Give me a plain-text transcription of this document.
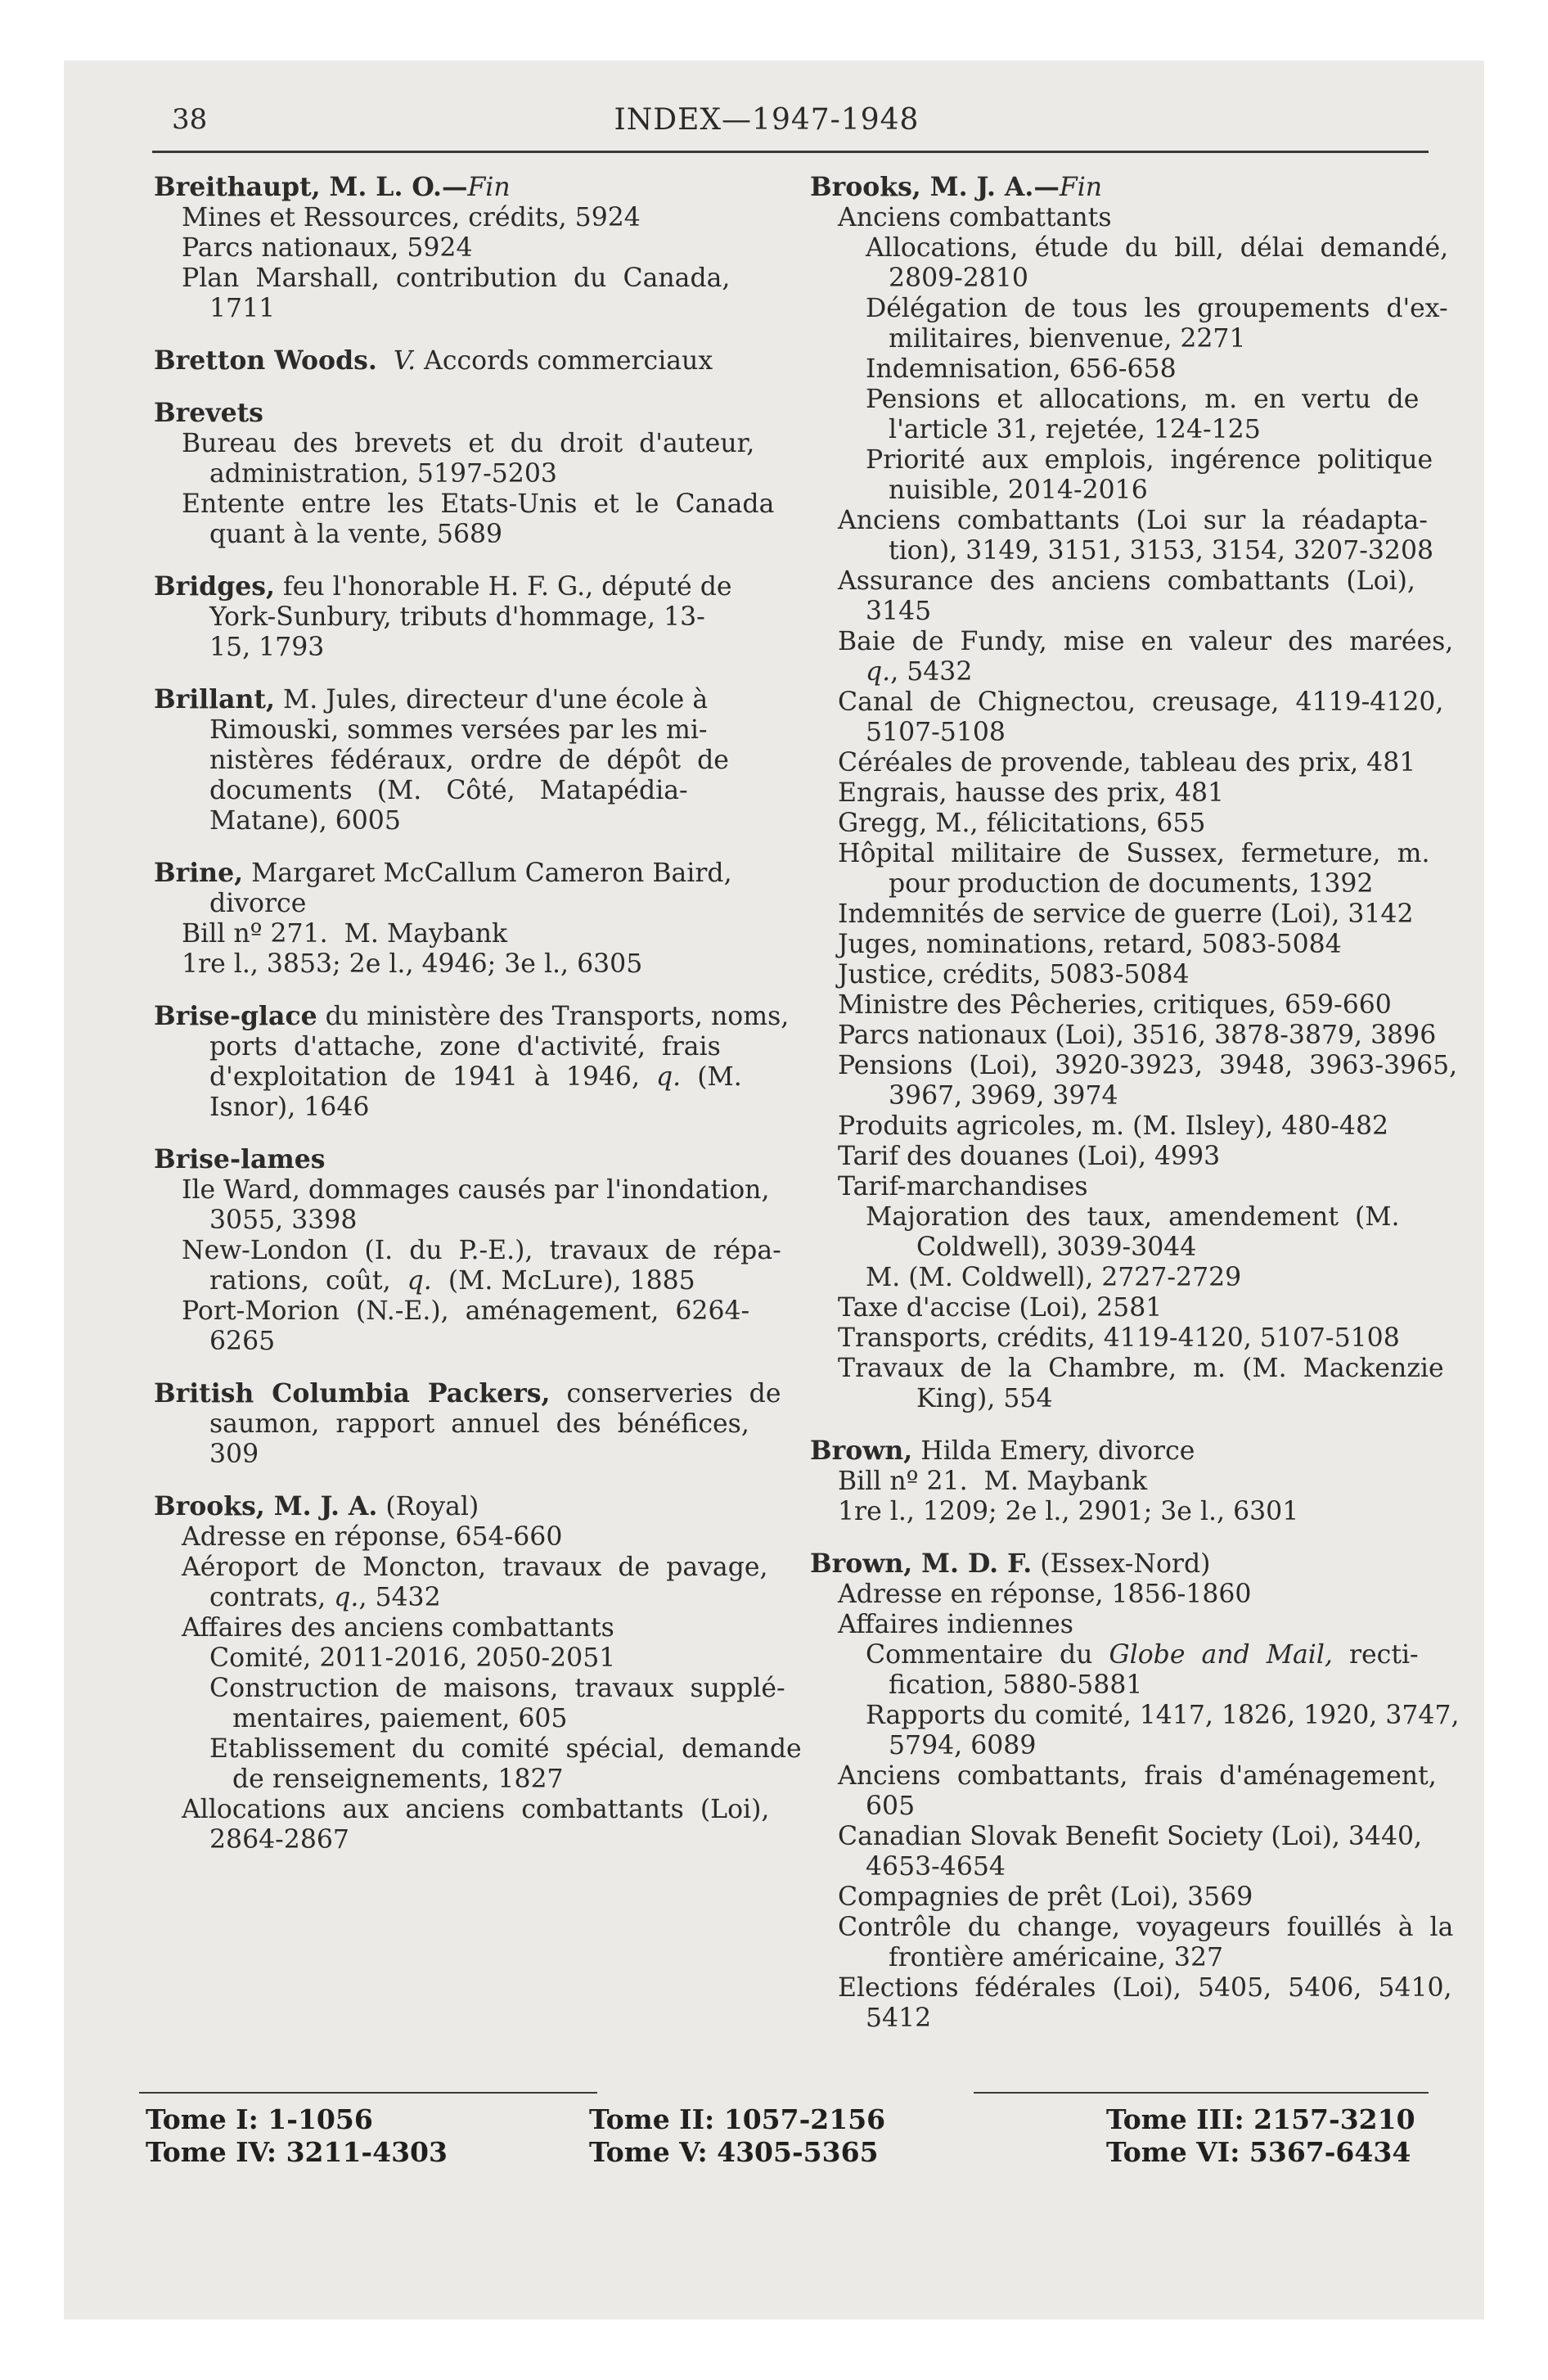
38	INDEX—1947-1948
Breithaupt, M. L. O.—Fin
Mines et Ressources, crédits, 5924
Parcs nationaux, 5924
Plan  Marshall,  contribution  du  Canada,
1711
Bretton Woods. V. Accords commerciaux
Brevets
Bureau  des  brevets  et  du  droit  d'auteur,
administration, 5197-5203
Entente  entre  les  Etats-Unis  et  le  Canada
quant à la vente, 5689
Bridges, feu l'honorable H. F. G., député de
York-Sunbury, tributs d'hommage, 13-
15, 1793
Brillant, M. Jules, directeur d'une école à
Rimouski, sommes versées par les mi-
nistères  fédéraux,  ordre  de  dépôt  de
documents   (M.   Côté,   Matapédia-
Matane), 6005
Brine, Margaret McCallum Cameron Baird,
divorce
Bill nº 271.  M. Maybank
1re l., 3853; 2e l., 4946; 3e l., 6305
Brise-glace du ministère des Transports, noms,
ports  d'attache,  zone  d'activité,  frais
d'exploitation  de  1941  à  1946,  q.  (M.
Isnor), 1646
Brise-lames
Ile Ward, dommages causés par l'inondation,
3055, 3398
New-London  (I.  du  P.-E.),  travaux  de  répa-
rations,  coût,  q.  (M. McLure), 1885
Port-Morion  (N.-E.),  aménagement,  6264-
6265
British  Columbia  Packers,  conserveries  de
saumon,  rapport  annuel  des  bénéfices,
309
Brooks, M. J. A. (Royal)
Adresse en réponse, 654-660
Aéroport  de  Moncton,  travaux  de  pavage,
contrats, q., 5432
Affaires des anciens combattants
Comité, 2011-2016, 2050-2051
Construction  de  maisons,  travaux  supplé-
mentaires, paiement, 605
Etablissement  du  comité  spécial,  demande
de renseignements, 1827
Allocations  aux  anciens  combattants  (Loi),
2864-2867
Brooks, M. J. A.—Fin
Anciens combattants
Allocations,  étude  du  bill,  délai  demandé,
2809-2810
Délégation  de  tous  les  groupements  d'ex-
militaires, bienvenue, 2271
Indemnisation, 656-658
Pensions  et  allocations,  m.  en  vertu  de
l'article 31, rejetée, 124-125
Priorité  aux  emplois,  ingérence  politique
nuisible, 2014-2016
Anciens  combattants  (Loi  sur  la  réadapta-
tion), 3149, 3151, 3153, 3154, 3207-3208
Assurance  des  anciens  combattants  (Loi),
3145
Baie  de  Fundy,  mise  en  valeur  des  marées,
q., 5432
Canal  de  Chignectou,  creusage,  4119-4120,
5107-5108
Céréales de provende, tableau des prix, 481
Engrais, hausse des prix, 481
Gregg, M., félicitations, 655
Hôpital  militaire  de  Sussex,  fermeture,  m.
pour production de documents, 1392
Indemnités de service de guerre (Loi), 3142
Juges, nominations, retard, 5083-5084
Justice, crédits, 5083-5084
Ministre des Pêcheries, critiques, 659-660
Parcs nationaux (Loi), 3516, 3878-3879, 3896
Pensions  (Loi),  3920-3923,  3948,  3963-3965,
3967, 3969, 3974
Produits agricoles, m. (M. Ilsley), 480-482
Tarif des douanes (Loi), 4993
Tarif-marchandises
Majoration  des  taux,  amendement  (M.
Coldwell), 3039-3044
M. (M. Coldwell), 2727-2729
Taxe d'accise (Loi), 2581
Transports, crédits, 4119-4120, 5107-5108
Travaux  de  la  Chambre,  m.  (M.  Mackenzie
King), 554
Brown, Hilda Emery, divorce
Bill nº 21.  M. Maybank
1re l., 1209; 2e l., 2901; 3e l., 6301
Brown, M. D. F. (Essex-Nord)
Adresse en réponse, 1856-1860
Affaires indiennes
Commentaire  du  Globe  and  Mail,  recti-
fication, 5880-5881
Rapports du comité, 1417, 1826, 1920, 3747,
5794, 6089
Anciens  combattants,  frais  d'aménagement,
605
Canadian Slovak Benefit Society (Loi), 3440,
4653-4654
Compagnies de prêt (Loi), 3569
Contrôle  du  change,  voyageurs  fouillés  à  la
frontière américaine, 327
Elections  fédérales  (Loi),  5405,  5406,  5410,
5412
Tome I: 1-1056
Tome IV: 3211-4303
Tome II: 1057-2156
Tome V: 4305-5365
Tome III: 2157-3210
Tome VI: 5367-6434
